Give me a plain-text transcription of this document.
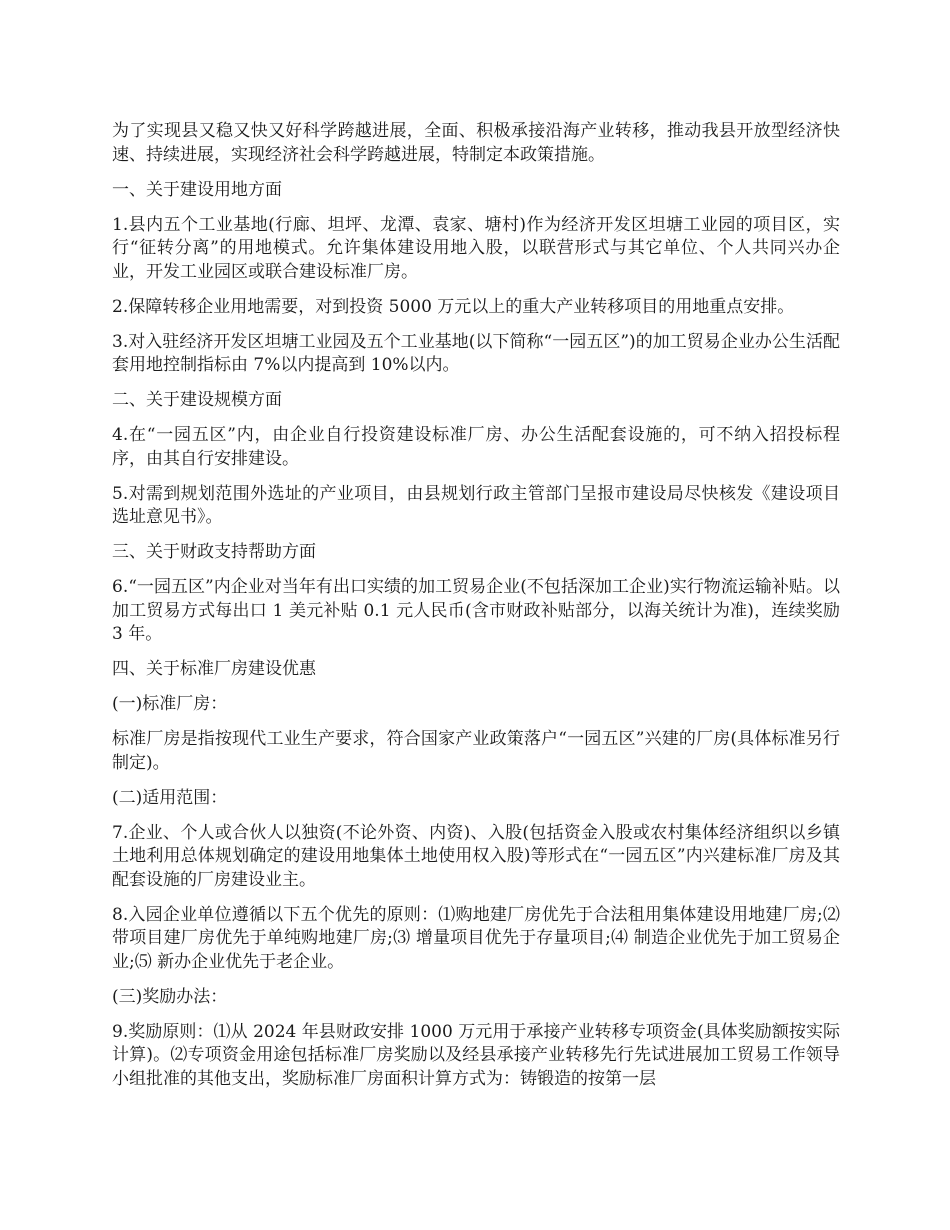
为了实现县又稳又快又好科学跨越进展，全面、积极承接沿海产业转移，推动我县开放型经济快速、持续进展，实现经济社会科学跨越进展，特制定本政策措施。

一、关于建设用地方面

1.县内五个工业基地(行廊、坦坪、龙潭、袁家、塘村)作为经济开发区坦塘工业园的项目区，实行“征转分离”的用地模式。允许集体建设用地入股，以联营形式与其它单位、个人共同兴办企业，开发工业园区或联合建设标准厂房。

2.保障转移企业用地需要，对到投资 5000 万元以上的重大产业转移项目的用地重点安排。

3.对入驻经济开发区坦塘工业园及五个工业基地(以下简称“一园五区”)的加工贸易企业办公生活配套用地控制指标由 7%以内提高到 10%以内。

二、关于建设规模方面

4.在“一园五区”内，由企业自行投资建设标准厂房、办公生活配套设施的，可不纳入招投标程序，由其自行安排建设。

5.对需到规划范围外选址的产业项目，由县规划行政主管部门呈报市建设局尽快核发《建设项目选址意见书》。

三、关于财政支持帮助方面

6.“一园五区”内企业对当年有出口实绩的加工贸易企业(不包括深加工企业)实行物流运输补贴。以加工贸易方式每出口 1 美元补贴 0.1 元人民币(含市财政补贴部分，以海关统计为准)，连续奖励 3 年。

四、关于标准厂房建设优惠

(一)标准厂房：

标准厂房是指按现代工业生产要求，符合国家产业政策落户“一园五区”兴建的厂房(具体标准另行制定)。

(二)适用范围：

7.企业、个人或合伙人以独资(不论外资、内资)、入股(包括资金入股或农村集体经济组织以乡镇土地利用总体规划确定的建设用地集体土地使用权入股)等形式在“一园五区”内兴建标准厂房及其配套设施的厂房建设业主。

8.入园企业单位遵循以下五个优先的原则：⑴购地建厂房优先于合法租用集体建设用地建厂房;⑵ 带项目建厂房优先于单纯购地建厂房;⑶ 增量项目优先于存量项目;⑷ 制造企业优先于加工贸易企业;⑸ 新办企业优先于老企业。

(三)奖励办法：

9.奖励原则：⑴从 2024 年县财政安排 1000 万元用于承接产业转移专项资金(具体奖励额按实际计算)。⑵专项资金用途包括标准厂房奖励以及经县承接产业转移先行先试进展加工贸易工作领导小组批准的其他支出，奖励标准厂房面积计算方式为：铸锻造的按第一层
